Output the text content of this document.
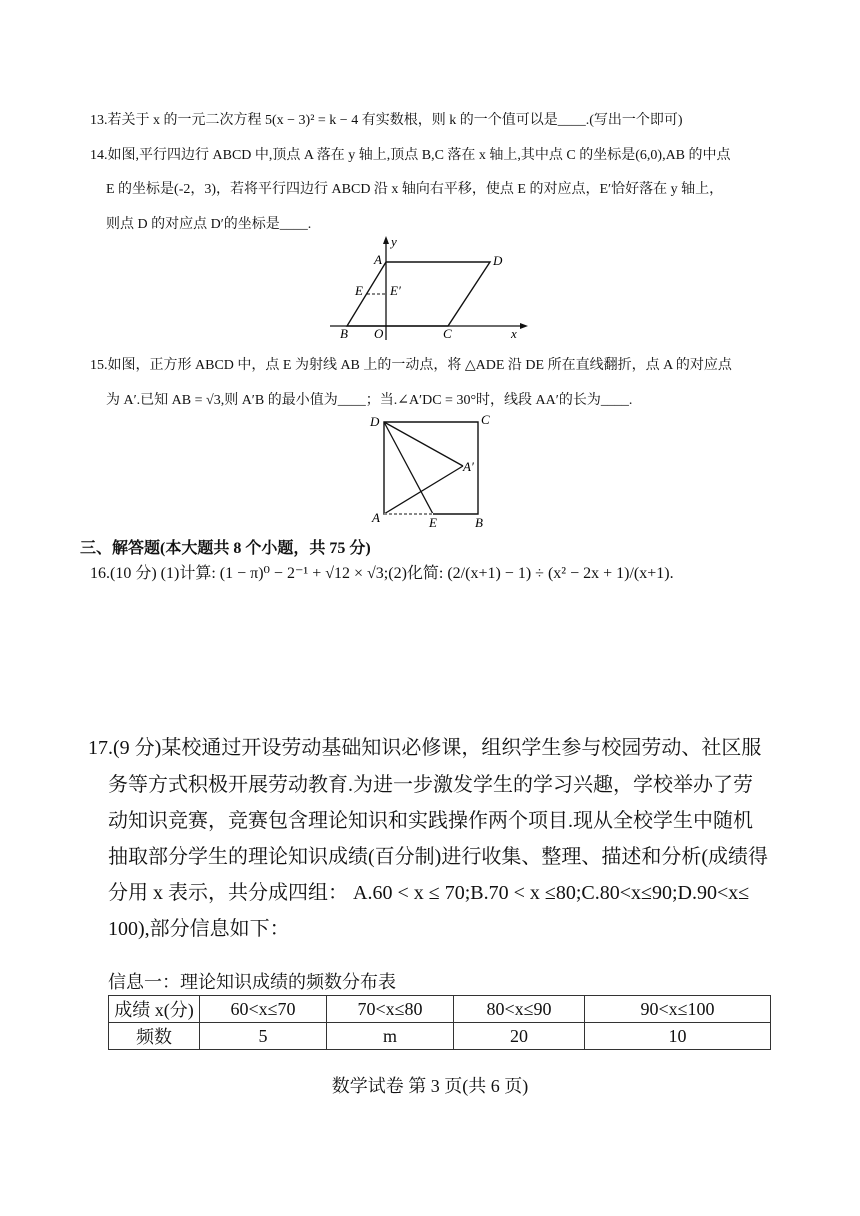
13.若关于 x 的一元二次方程 5(x − 3)² = k − 4 有实数根，则 k 的一个值可以是____.(写出一个即可)
14.如图,平行四边行 ABCD 中,顶点 A 落在 y 轴上,顶点 B,C 落在 x 轴上,其中点 C 的坐标是(6,0),AB 的中点
E 的坐标是(-2，3)，若将平行四边行 ABCD 沿 x 轴向右平移，使点 E 的对应点，E′恰好落在 y 轴上，
则点 D 的对应点 D′的坐标是____.
A	D
E E′
B O	C	x
y
15.如图，正方形 ABCD 中，点 E 为射线 AB 上的一动点，将 △ADE 沿 DE 所在直线翻折，点 A 的对应点
为 A′.已知 AB = √3,则 A′B 的最小值为____；当.∠A′DC = 30°时，线段 AA′的长为____.
D	C
A′
A	E	B
三、解答题(本大题共 8 个小题，共 75 分)
16.(10 分) (1)计算: (1 − π)⁰ − 2⁻¹ + √12 × √3;(2)化简: (2/(x+1) − 1) ÷ (x² − 2x + 1)/(x+1).
17.(9 分)某校通过开设劳动基础知识必修课，组织学生参与校园劳动、社区服
务等方式积极开展劳动教育.为进一步激发学生的学习兴趣，学校举办了劳
动知识竞赛，竞赛包含理论知识和实践操作两个项目.现从全校学生中随机
抽取部分学生的理论知识成绩(百分制)进行收集、整理、描述和分析(成绩得
分用 x 表示，共分成四组： A.60 < x ≤ 70;B.70 < x ≤80;C.80<x≤90;D.90<x≤
100),部分信息如下：
信息一：理论知识成绩的频数分布表
成绩 x(分)	60<x≤70	70<x≤80	80<x≤90	90<x≤100
频数	5	m	20	10
数学试卷 第 3 页(共 6 页)
